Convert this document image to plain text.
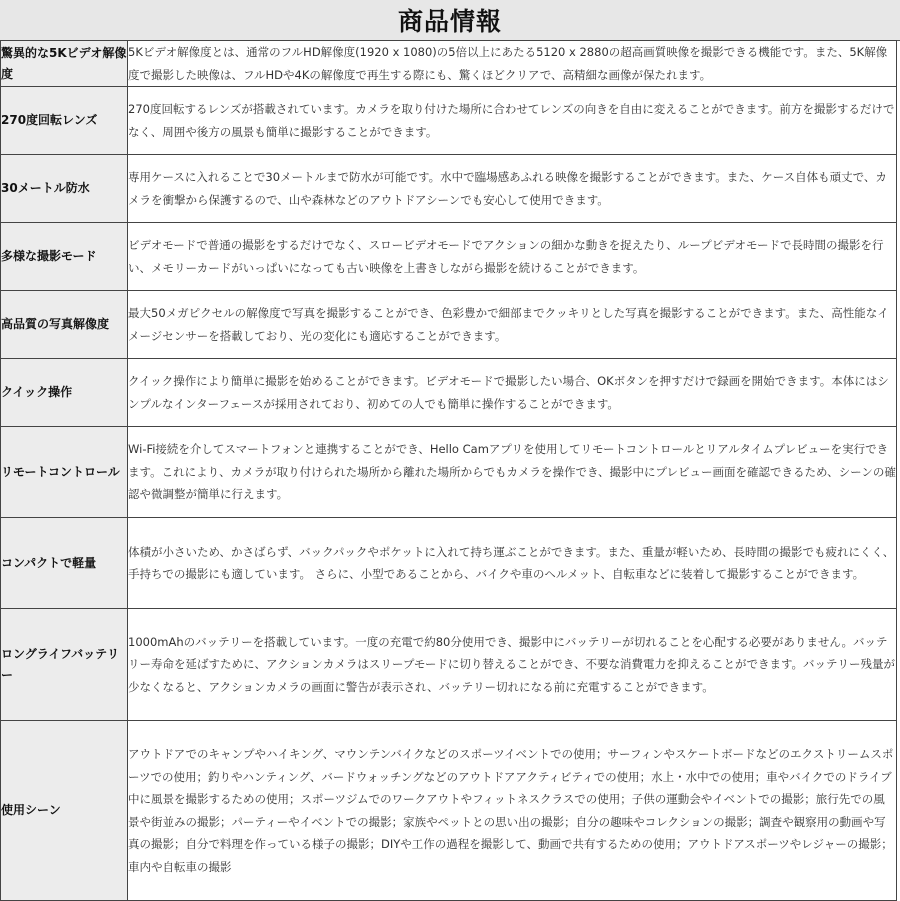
商品情報
驚異的な5Kビデオ解像度	5Kビデオ解像度とは、通常のフルHD解像度(1920 x 1080)の5倍以上にあたる5120 x 2880の超高画質映像を撮影できる機能です。また、5K解像度で撮影した映像は、フルHDや4Kの解像度で再生する際にも、驚くほどクリアで、高精細な画像が保たれます。
270度回転レンズ	270度回転するレンズが搭載されています。カメラを取り付けた場所に合わせてレンズの向きを自由に変えることができます。前方を撮影するだけでなく、周囲や後方の風景も簡単に撮影することができます。
30メートル防水	専用ケースに入れることで30メートルまで防水が可能です。水中で臨場感あふれる映像を撮影することができます。また、ケース自体も頑丈で、カメラを衝撃から保護するので、山や森林などのアウトドアシーンでも安心して使用できます。
多様な撮影モード	ビデオモードで普通の撮影をするだけでなく、スロービデオモードでアクションの細かな動きを捉えたり、ループビデオモードで長時間の撮影を行い、メモリーカードがいっぱいになっても古い映像を上書きしながら撮影を続けることができます。
高品質の写真解像度	最大50メガピクセルの解像度で写真を撮影することができ、色彩豊かで細部までクッキリとした写真を撮影することができます。また、高性能なイメージセンサーを搭載しており、光の変化にも適応することができます。
クイック操作	クイック操作により簡単に撮影を始めることができます。ビデオモードで撮影したい場合、OKボタンを押すだけで録画を開始できます。本体にはシンプルなインターフェースが採用されており、初めての人でも簡単に操作することができます。
リモートコントロール	Wi-Fi接続を介してスマートフォンと連携することができ、Hello Camアプリを使用してリモートコントロールとリアルタイムプレビューを実行できます。これにより、カメラが取り付けられた場所から離れた場所からでもカメラを操作でき、撮影中にプレビュー画面を確認できるため、シーンの確認や微調整が簡単に行えます。
コンパクトで軽量	体積が小さいため、かさばらず、バックパックやポケットに入れて持ち運ぶことができます。また、重量が軽いため、長時間の撮影でも疲れにくく、手持ちでの撮影にも適しています。 さらに、小型であることから、バイクや車のヘルメット、自転車などに装着して撮影することができます。
ロングライフバッテリー	1000mAhのバッテリーを搭載しています。一度の充電で約80分使用でき、撮影中にバッテリーが切れることを心配する必要がありません。バッテリー寿命を延ばすために、アクションカメラはスリープモードに切り替えることができ、不要な消費電力を抑えることができます。バッテリー残量が少なくなると、アクションカメラの画面に警告が表示され、バッテリー切れになる前に充電することができます。
使用シーン	アウトドアでのキャンプやハイキング、マウンテンバイクなどのスポーツイベントでの使用；サーフィンやスケートボードなどのエクストリームスポーツでの使用；釣りやハンティング、バードウォッチングなどのアウトドアアクティビティでの使用；水上・水中での使用；車やバイクでのドライブ中に風景を撮影するための使用；スポーツジムでのワークアウトやフィットネスクラスでの使用；子供の運動会やイベントでの撮影；旅行先での風景や街並みの撮影；パーティーやイベントでの撮影；家族やペットとの思い出の撮影；自分の趣味やコレクションの撮影；調査や観察用の動画や写真の撮影；自分で料理を作っている様子の撮影；DIYや工作の過程を撮影して、動画で共有するための使用；アウトドアスポーツやレジャーの撮影；車内や自転車の撮影
